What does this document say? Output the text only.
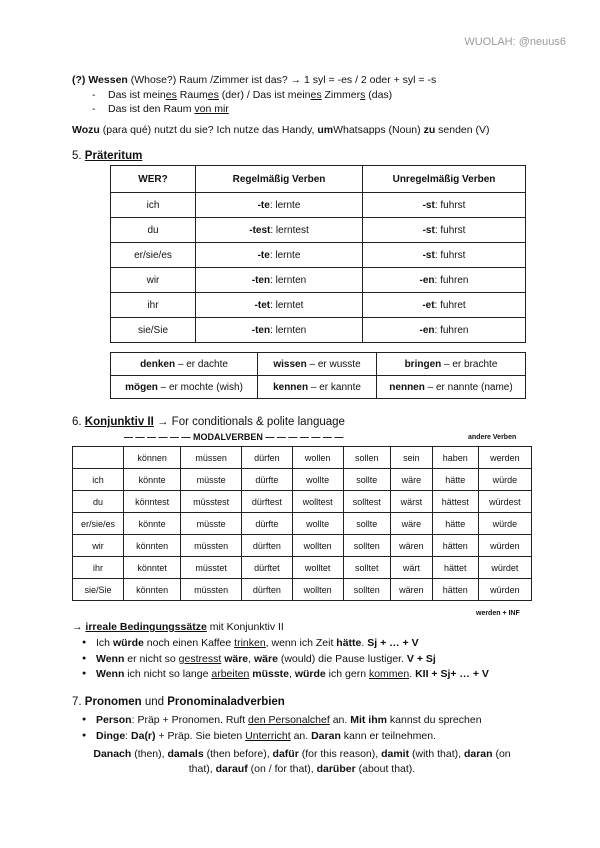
WUOLAH: @neuus6
(?) Wessen (Whose?) Raum /Zimmer ist das? → 1 syl = -es / 2 oder + syl = -s
- Das ist meines Raumes (der) / Das ist meines Zimmers (das)
- Das ist den Raum von mir
Wozu (para qué) nutzt du sie? Ich nutze das Handy, umWhatsapps (Noun) zu senden (V)
5. Präteritum
WER?	Regelmäßig Verben	Unregelmäßig Verben
ich	-te: lernte	-st: fuhrst
du	-test: lerntest	-st: fuhrst
er/sie/es	-te: lernte	-st: fuhrst
wir	-ten: lernten	-en: fuhren
ihr	-tet: lerntet	-et: fuhret
sie/Sie	-ten: lernten	-en: fuhren
denken – er dachte	wissen – er wusste	bringen – er brachte
mögen – er mochte (wish)	kennen – er kannte	nennen – er nannte (name)
6. Konjunktiv II → For conditionals & polite language
— — — — — — MODALVERBEN — — — — — — —	andere Verben
	können	müssen	dürfen	wollen	sollen	sein	haben	werden
ich	könnte	müsste	dürfte	wollte	sollte	wäre	hätte	würde
du	könntest	müsstest	dürftest	wolltest	solltest	wärst	hättest	würdest
er/sie/es	könnte	müsste	dürfte	wollte	sollte	wäre	hätte	würde
wir	könnten	müssten	dürften	wollten	sollten	wären	hätten	würden
ihr	könntet	müsstet	dürftet	wolltet	solltet	wärt	hättet	würdet
sie/Sie	könnten	müssten	dürften	wollten	sollten	wären	hätten	würden
werden + INF
→ irreale Bedingungssätze mit Konjunktiv II
● Ich würde noch einen Kaffee trinken, wenn ich Zeit hätte. Sj + … + V
● Wenn er nicht so gestresst wäre, wäre (would) die Pause lustiger. V + Sj
● Wenn ich nicht so lange arbeiten müsste, würde ich gern kommen. KII + Sj+ … + V
7. Pronomen und Pronominaladverbien
● Person: Präp + Pronomen. Ruft den Personalchef an. Mit ihm kannst du sprechen
● Dinge: Da(r) + Präp. Sie bieten Unterricht an. Daran kann er teilnehmen.
Danach (then), damals (then before), dafür (for this reason), damit (with that), daran (on
that), darauf (on / for that), darüber (about that).
